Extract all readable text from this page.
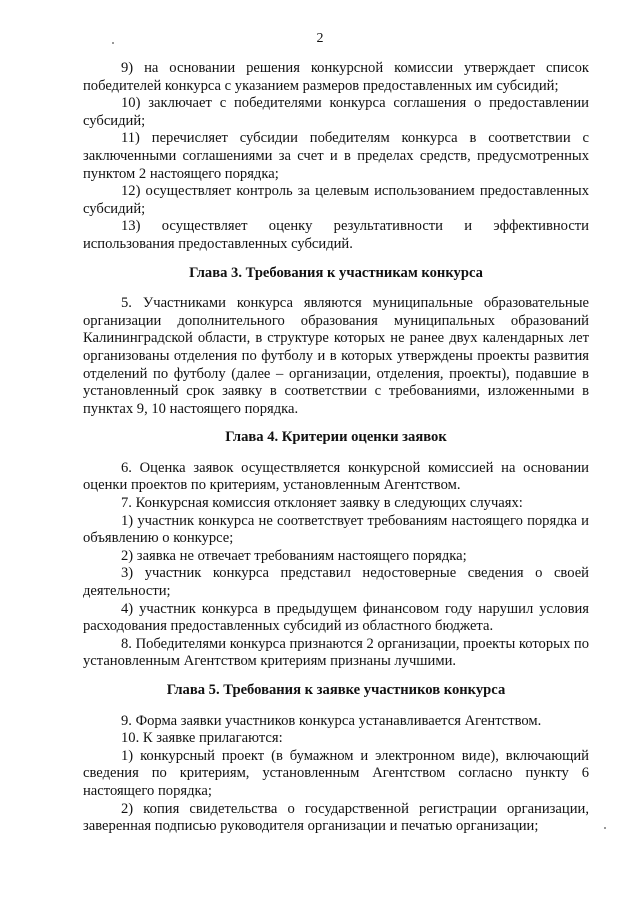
2

9) на основании решения конкурсной комиссии утверждает список победителей конкурса с указанием размеров предоставленных им субсидий;

10) заключает с победителями конкурса соглашения о предоставлении субсидий;

11) перечисляет субсидии победителям конкурса в соответствии с заключенными соглашениями за счет и в пределах средств, предусмотренных пунктом 2 настоящего порядка;

12) осуществляет контроль за целевым использованием предоставленных субсидий;

13) осуществляет оценку результативности и эффективности использования предоставленных субсидий.

Глава 3. Требования к участникам конкурса

5. Участниками конкурса являются муниципальные образовательные организации дополнительного образования муниципальных образований Калининградской области, в структуре которых не ранее двух календарных лет организованы отделения по футболу и в которых утверждены проекты развития отделений по футболу (далее – организации, отделения, проекты), подавшие в установленный срок заявку в соответствии с требованиями, изложенными в пунктах 9, 10 настоящего порядка.

Глава 4. Критерии оценки заявок

6. Оценка заявок осуществляется конкурсной комиссией на основании оценки проектов по критериям, установленным Агентством.

7. Конкурсная комиссия отклоняет заявку в следующих случаях:

1) участник конкурса не соответствует требованиям настоящего порядка и объявлению о конкурсе;

2) заявка не отвечает требованиям настоящего порядка;

3) участник конкурса представил недостоверные сведения о своей деятельности;

4) участник конкурса в предыдущем финансовом году нарушил условия расходования предоставленных субсидий из областного бюджета.

8. Победителями конкурса признаются 2 организации, проекты которых по установленным Агентством критериям признаны лучшими.

Глава 5. Требования к заявке участников конкурса

9. Форма заявки участников конкурса устанавливается Агентством.

10. К заявке прилагаются:

1) конкурсный проект (в бумажном и электронном виде), включающий сведения по критериям, установленным Агентством согласно пункту 6 настоящего порядка;

2) копия свидетельства о государственной регистрации организации, заверенная подписью руководителя организации и печатью организации;
